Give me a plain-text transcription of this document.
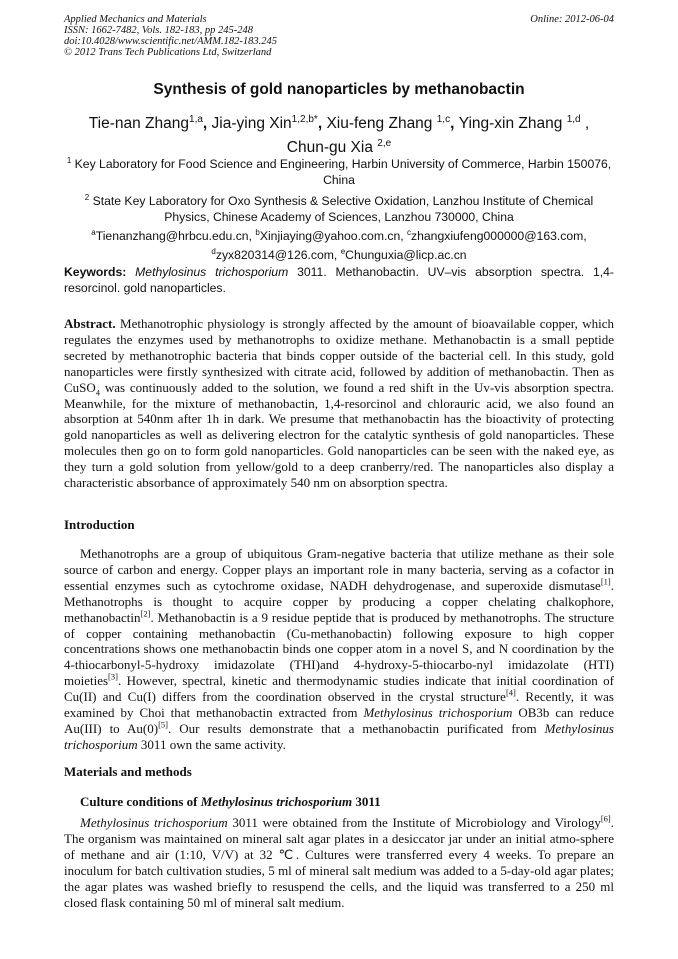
Applied Mechanics and Materials
ISSN: 1662-7482, Vols. 182-183, pp 245-248
doi:10.4028/www.scientific.net/AMM.182-183.245
© 2012 Trans Tech Publications Ltd, Switzerland
Online: 2012-06-04
Synthesis of gold nanoparticles by methanobactin
Tie-nan Zhang$^{1,a}$, Jia-ying Xin$^{1,2,b*}$, Xiu-feng Zhang $^{1,c}$, Ying-xin Zhang $^{1,d}$ ,
Chun-gu Xia $^{2,e}$
$^1$ Key Laboratory for Food Science and Engineering, Harbin University of Commerce, Harbin 150076, China
$^2$ State Key Laboratory for Oxo Synthesis & Selective Oxidation, Lanzhou Institute of Chemical Physics, Chinese Academy of Sciences, Lanzhou 730000, China
$^a$Tienanzhang@hrbcu.edu.cn, $^b$Xinjiaying@yahoo.com.cn, $^c$zhangxiufeng000000@163.com,
$^d$zyx820314@126.com, $^e$Chunguxia@licp.ac.cn
Keywords: Methylosinus trichosporium 3011. Methanobactin. UV–vis absorption spectra. 1,4-resorcinol. gold nanoparticles.
Abstract. Methanotrophic physiology is strongly affected by the amount of bioavailable copper, which regulates the enzymes used by methanotrophs to oxidize methane. Methanobactin is a small peptide secreted by methanotrophic bacteria that binds copper outside of the bacterial cell. In this study, gold nanoparticles were firstly synthesized with citrate acid, followed by addition of methanobactin. Then as CuSO$_4$ was continuously added to the solution, we found a red shift in the Uv-vis absorption spectra. Meanwhile, for the mixture of methanobactin, 1,4-resorcinol and chlorauric acid, we also found an absorption at 540nm after 1h in dark. We presume that methanobactin has the bioactivity of protecting gold nanoparticles as well as delivering electron for the catalytic synthesis of gold nanoparticles. These molecules then go on to form gold nanoparticles. Gold nanoparticles can be seen with the naked eye, as they turn a gold solution from yellow/gold to a deep cranberry/red. The nanoparticles also display a characteristic absorbance of approximately 540 nm on absorption spectra.
Introduction
Methanotrophs are a group of ubiquitous Gram-negative bacteria that utilize methane as their sole source of carbon and energy. Copper plays an important role in many bacteria, serving as a cofactor in essential enzymes such as cytochrome oxidase, NADH dehydrogenase, and superoxide dismutase[1]. Methanotrophs is thought to acquire copper by producing a copper chelating chalkophore, methanobactin[2]. Methanobactin is a 9 residue peptide that is produced by methanotrophs. The structure of copper containing methanobactin (Cu-methanobactin) following exposure to high copper concentrations shows one methanobactin binds one copper atom in a novel S, and N coordination by the 4-thiocarbonyl-5-hydroxy imidazolate (THI)and 4-hydroxy-5-thiocarbo-nyl imidazolate (HTI) moieties[3]. However, spectral, kinetic and thermodynamic studies indicate that initial coordination of Cu(II) and Cu(I) differs from the coordination observed in the crystal structure[4]. Recently, it was examined by Choi that methanobactin extracted from Methylosinus trichosporium OB3b can reduce Au(III) to Au(0)[5]. Our results demonstrate that a methanobactin purificated from Methylosinus trichosporium 3011 own the same activity.
Materials and methods
Culture conditions of Methylosinus trichosporium 3011
Methylosinus trichosporium 3011 were obtained from the Institute of Microbiology and Virology[6]. The organism was maintained on mineral salt agar plates in a desiccator jar under an initial atmo-sphere of methane and air (1:10, V/V) at 32 ℃. Cultures were transferred every 4 weeks. To prepare an inoculum for batch cultivation studies, 5 ml of mineral salt medium was added to a 5-day-old agar plates; the agar plates was washed briefly to resuspend the cells, and the liquid was transferred to a 250 ml closed flask containing 50 ml of mineral salt medium.
